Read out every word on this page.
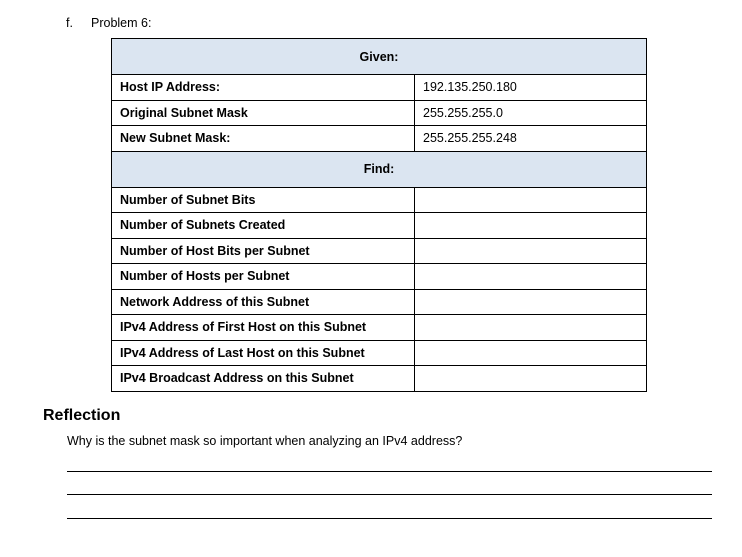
f. Problem 6:
Given:	
Host IP Address:	192.135.250.180
Original Subnet Mask	255.255.255.0
New Subnet Mask:	255.255.255.248
Find:	
Number of Subnet Bits	
Number of Subnets Created	
Number of Host Bits per Subnet	
Number of Hosts per Subnet	
Network Address of this Subnet	
IPv4 Address of First Host on this Subnet	
IPv4 Address of Last Host on this Subnet	
IPv4 Broadcast Address on this Subnet	
Reflection
Why is the subnet mask so important when analyzing an IPv4 address?
